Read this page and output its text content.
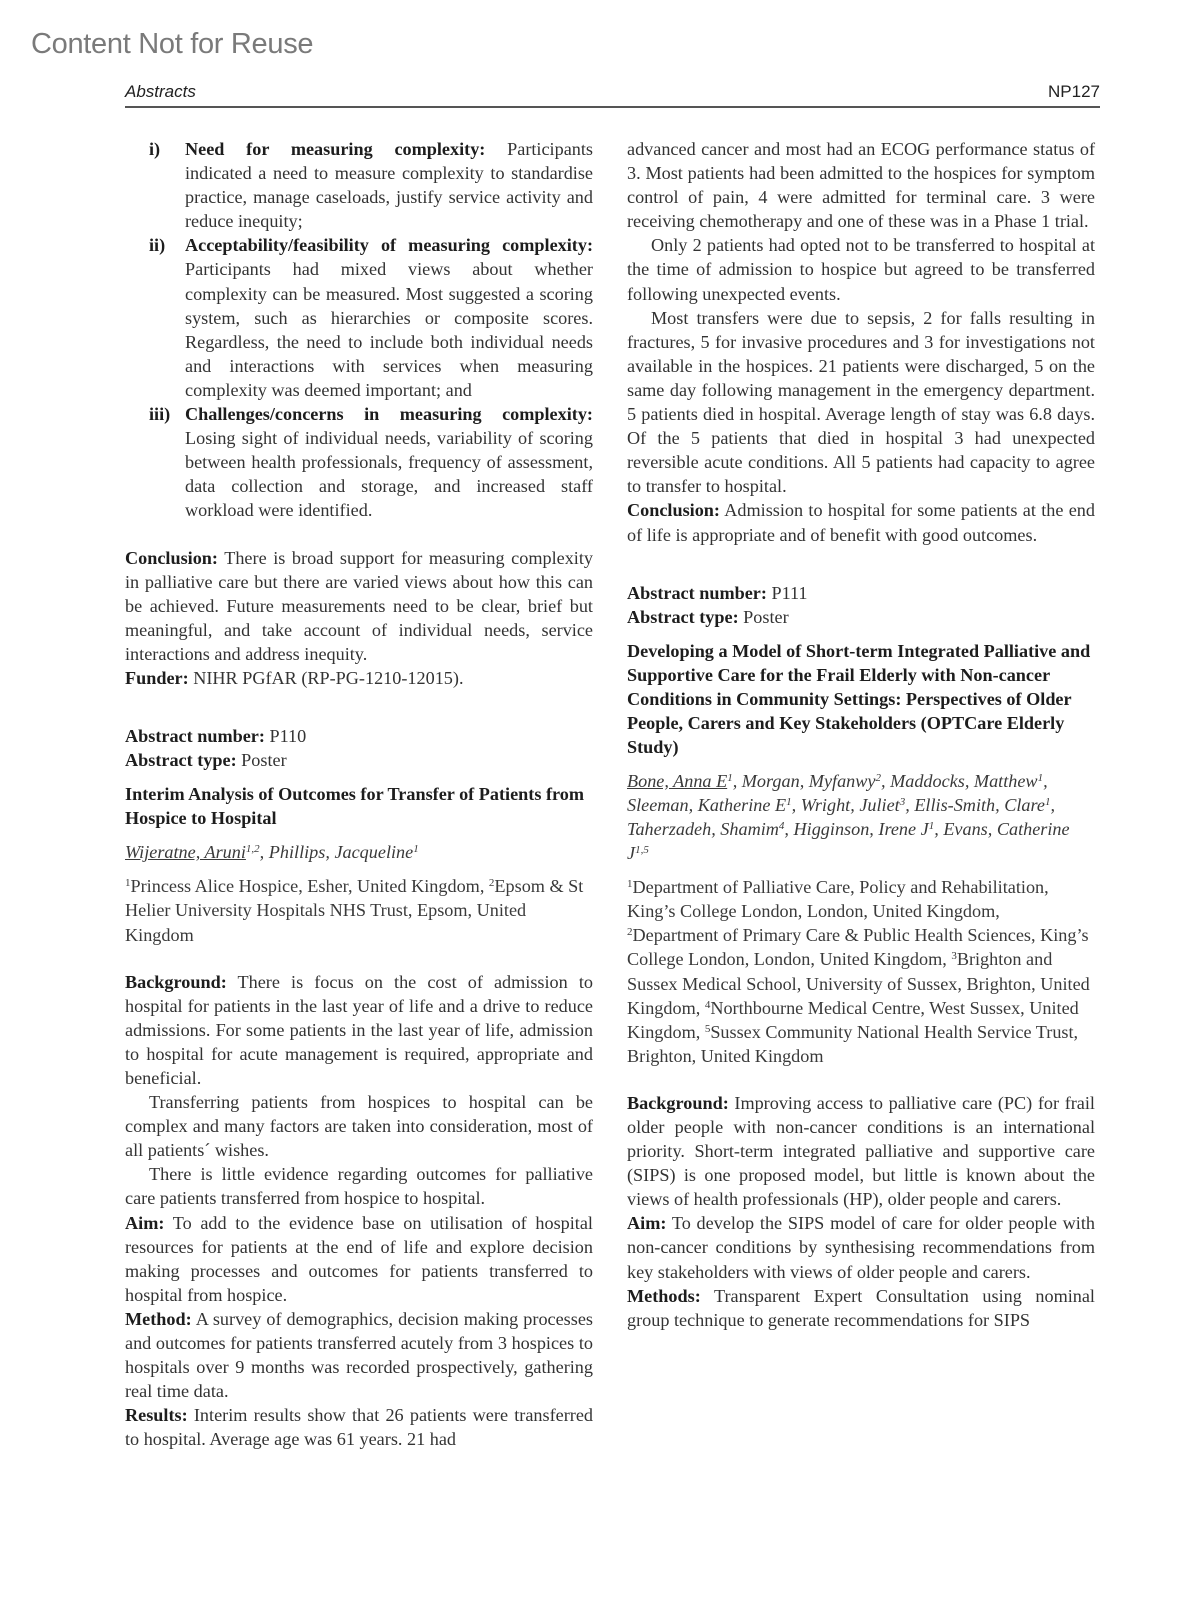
Content Not for Reuse
Abstracts	NP127
i) Need for measuring complexity: Participants indicated a need to measure complexity to standardise practice, manage caseloads, justify service activity and reduce inequity;
ii) Acceptability/feasibility of measuring complexity: Participants had mixed views about whether complexity can be measured. Most suggested a scoring system, such as hierarchies or composite scores. Regardless, the need to include both individual needs and interactions with services when measuring complexity was deemed important; and
iii) Challenges/concerns in measuring complexity: Losing sight of individual needs, variability of scoring between health professionals, frequency of assessment, data collection and storage, and increased staff workload were identified.

Conclusion: There is broad support for measuring complexity in palliative care but there are varied views about how this can be achieved. Future measurements need to be clear, brief but meaningful, and take account of individual needs, service interactions and address inequity.

Funder: NIHR PGfAR (RP-PG-1210-12015).

Abstract number: P110

Abstract type: Poster

Interim Analysis of Outcomes for Transfer of Patients from Hospice to Hospital

Wijeratne, Aruni$^{1,2}$, Phillips, Jacqueline$^1$

$^1$Princess Alice Hospice, Esher, United Kingdom, $^2$Epsom & St Helier University Hospitals NHS Trust, Epsom, United Kingdom

Background: There is focus on the cost of admission to hospital for patients in the last year of life and a drive to reduce admissions. For some patients in the last year of life, admission to hospital for acute management is required, appropriate and beneficial.

Transferring patients from hospices to hospital can be complex and many factors are taken into consideration, most of all patients´ wishes.

There is little evidence regarding outcomes for palliative care patients transferred from hospice to hospital.

Aim: To add to the evidence base on utilisation of hospital resources for patients at the end of life and explore decision making processes and outcomes for patients transferred to hospital from hospice.

Method: A survey of demographics, decision making processes and outcomes for patients transferred acutely from 3 hospices to hospitals over 9 months was recorded prospectively, gathering real time data.

Results: Interim results show that 26 patients were transferred to hospital. Average age was 61 years. 21 had

advanced cancer and most had an ECOG performance status of 3. Most patients had been admitted to the hospices for symptom control of pain, 4 were admitted for terminal care. 3 were receiving chemotherapy and one of these was in a Phase 1 trial.

Only 2 patients had opted not to be transferred to hospital at the time of admission to hospice but agreed to be transferred following unexpected events.

Most transfers were due to sepsis, 2 for falls resulting in fractures, 5 for invasive procedures and 3 for investigations not available in the hospices. 21 patients were discharged, 5 on the same day following management in the emergency department. 5 patients died in hospital. Average length of stay was 6.8 days. Of the 5 patients that died in hospital 3 had unexpected reversible acute conditions. All 5 patients had capacity to agree to transfer to hospital.

Conclusion: Admission to hospital for some patients at the end of life is appropriate and of benefit with good outcomes.

Abstract number: P111

Abstract type: Poster

Developing a Model of Short-term Integrated Palliative and Supportive Care for the Frail Elderly with Non-cancer Conditions in Community Settings: Perspectives of Older People, Carers and Key Stakeholders (OPTCare Elderly Study)

Bone, Anna $E^1$, Morgan, Myfanwy$^2$, Maddocks, Matthew$^1$, Sleeman, Katherine $E^1$, Wright, Juliet$^3$, Ellis-Smith, Clare$^1$, Taherzadeh, Shamim$^4$, Higginson, Irene $J^1$, Evans, Catherine J$^{1,5}$

$^1$Department of Palliative Care, Policy and Rehabilitation, King’s College London, London, United Kingdom, $^2$Department of Primary Care & Public Health Sciences, King’s College London, London, United Kingdom, $^3$Brighton and Sussex Medical School, University of Sussex, Brighton, United Kingdom, $^4$Northbourne Medical Centre, West Sussex, United Kingdom, $^5$Sussex Community National Health Service Trust, Brighton, United Kingdom

Background: Improving access to palliative care (PC) for frail older people with non-cancer conditions is an international priority. Short-term integrated palliative and supportive care (SIPS) is one proposed model, but little is known about the views of health professionals (HP), older people and carers.

Aim: To develop the SIPS model of care for older people with non-cancer conditions by synthesising recommendations from key stakeholders with views of older people and carers.

Methods: Transparent Expert Consultation using nominal group technique to generate recommendations for SIPS
